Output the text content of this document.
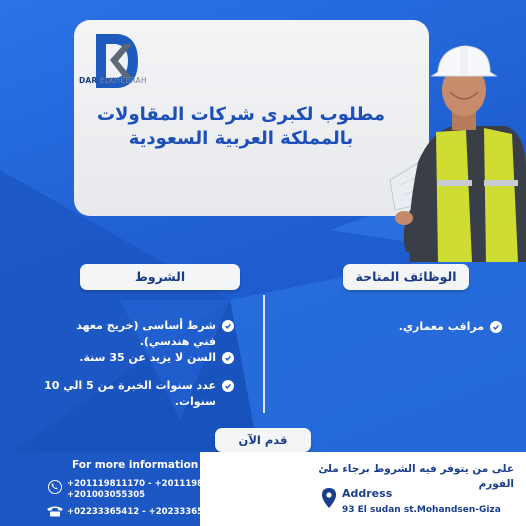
DAR ELKHEBRAH
مطلوب لكبرى شركات المقاولات
بالمملكة العربية السعودية
الوظائف المتاحة
الشروط
مراقب معماري.
شرط أساسى (خريج معهد فني هندسي).
السن لا يزيد عن 35 سنة.
عدد سنوات الخبرة من 5 الي 10 سنوات.
قدم الآن
For more information
+201119811170 - +201119811169
+201003055305
+02233365412 - +20233365418
على من يتوفر فيه الشروط برجاء ملئ الفورم
Address
93 El sudan st.Mohandsen-Giza
